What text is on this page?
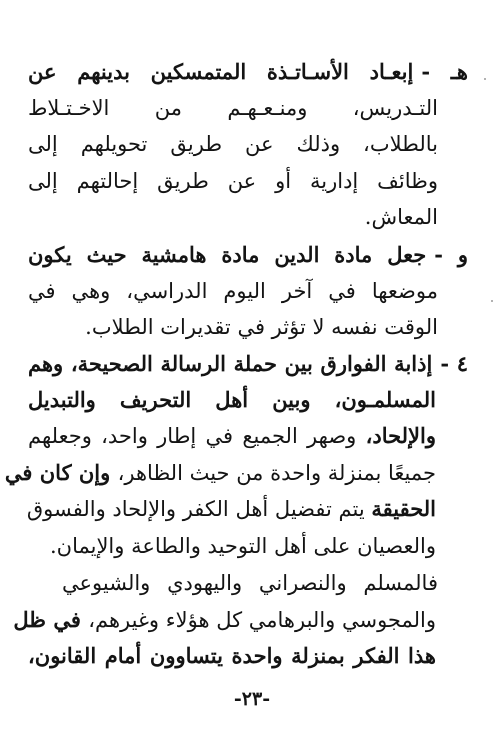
هـ -إبعـاد الأسـاتـذة المتمسكين بدينهم عن
التـدريس، ومنـعـهـم من الاخـتـلاط
بالطلاب، وذلك عن طريق تحويلهم إلى
وظائف إدارية أو عن طريق إحالتهم إلى
المعاش.
و -جعل مادة الدين مادة هامشية حيث يكون
موضعها في آخر اليوم الدراسي، وهي في
الوقت نفسه لا تؤثر في تقديرات الطلاب.
٤ -إذابة الفوارق بين حملة الرسالة الصحيحة، وهم
المسلمـون، وبين أهل التحريف والتبديل
والإلحاد، وصهر الجميع في إطار واحد، وجعلهم
جميعًا بمنزلة واحدة من حيث الظاهر، وإن كان في
الحقيقة يتم تفضيل أهل الكفر والإلحاد والفسوق
والعصيان على أهل التوحيد والطاعة والإيمان.
فالمسلم والنصراني واليهودي والشيوعي
والمجوسي والبرهامي كل هؤلاء وغيرهم، في ظل
هذا الفكر بمنزلة واحدة يتساوون أمام القانون،
-٢٣-
